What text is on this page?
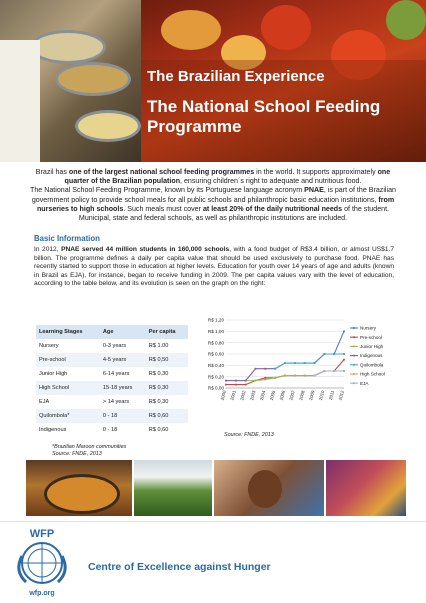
The Brazilian Experience
The National School Feeding Programme
Brazil has one of the largest national school feeding programmes in the world. It supports approximately one quarter of the Brazilian population, ensuring children´s right to adequate and nutritious food.
The National School Feeding Programme, known by its Portuguese language acronym PNAE, is part of the Brazilian government policy to provide school meals for all public schools and philanthropic basic education institutions, from nurseries to high schools. Such meals must cover at least 20% of the daily nutritional needs of the student. Municipal, state and federal schools, as well as philanthropic institutions are included.
Basic Information
In 2012, PNAE served 44 million students in 160,000 schools, with a food budget of R$3.4 billion, or almost US$1.7 billion. The programme defines a daily per capita value that should be used exclusively to purchase food. PNAE has recently started to support those in education at higher levels. Education for youth over 14 years of age and adults (known in Brazil as EJA), for instance, began to receive funding in 2009. The per capita values vary with the level of education, according to the table below, and its evolution is seen on the graph on the right:
Learning Stages	Age	Per capita
Nursery	0-3 years	R$ 1.00
Pre-school	4-5 years	R$ 0,50
Junior High	6-14 years	R$ 0,30
High School	15-18 years	R$ 0,30
EJA	> 14 years	R$ 0,30
Quilombola*	0 - 18	R$ 0,60
Indigenous	0 - 18	R$ 0,60
*Brazilian Maroon communities
Source: FNDE, 2013
R$ 0,00
R$ 0,20
R$ 0,40
R$ 0,60
R$ 0,80
R$ 1,00
R$ 1,20
2000 2001 2002 2003 2004 2005 2006 2007 2008 2009 2010 2011 2012
Nursery
Pre-school
Junior High
Indigenous
Quilombola
High School
EJA
Source: FNDE, 2013
WFP
wfp.org
Centre of Excellence against Hunger
